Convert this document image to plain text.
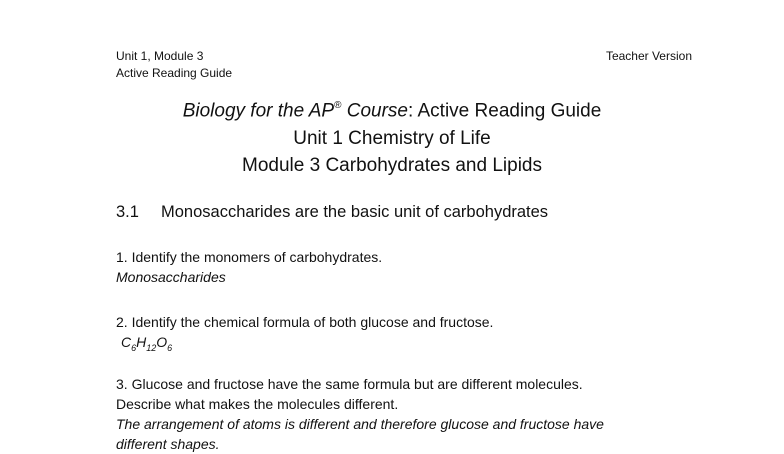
Unit 1, Module 3
Active Reading Guide
Teacher Version
Biology for the AP® Course: Active Reading Guide
Unit 1 Chemistry of Life
Module 3 Carbohydrates and Lipids
3.1 Monosaccharides are the basic unit of carbohydrates
1. Identify the monomers of carbohydrates.
Monosaccharides
2. Identify the chemical formula of both glucose and fructose.
$C_6H_{12}O_6$
3. Glucose and fructose have the same formula but are different molecules.
Describe what makes the molecules different.
The arrangement of atoms is different and therefore glucose and fructose have
different shapes.
